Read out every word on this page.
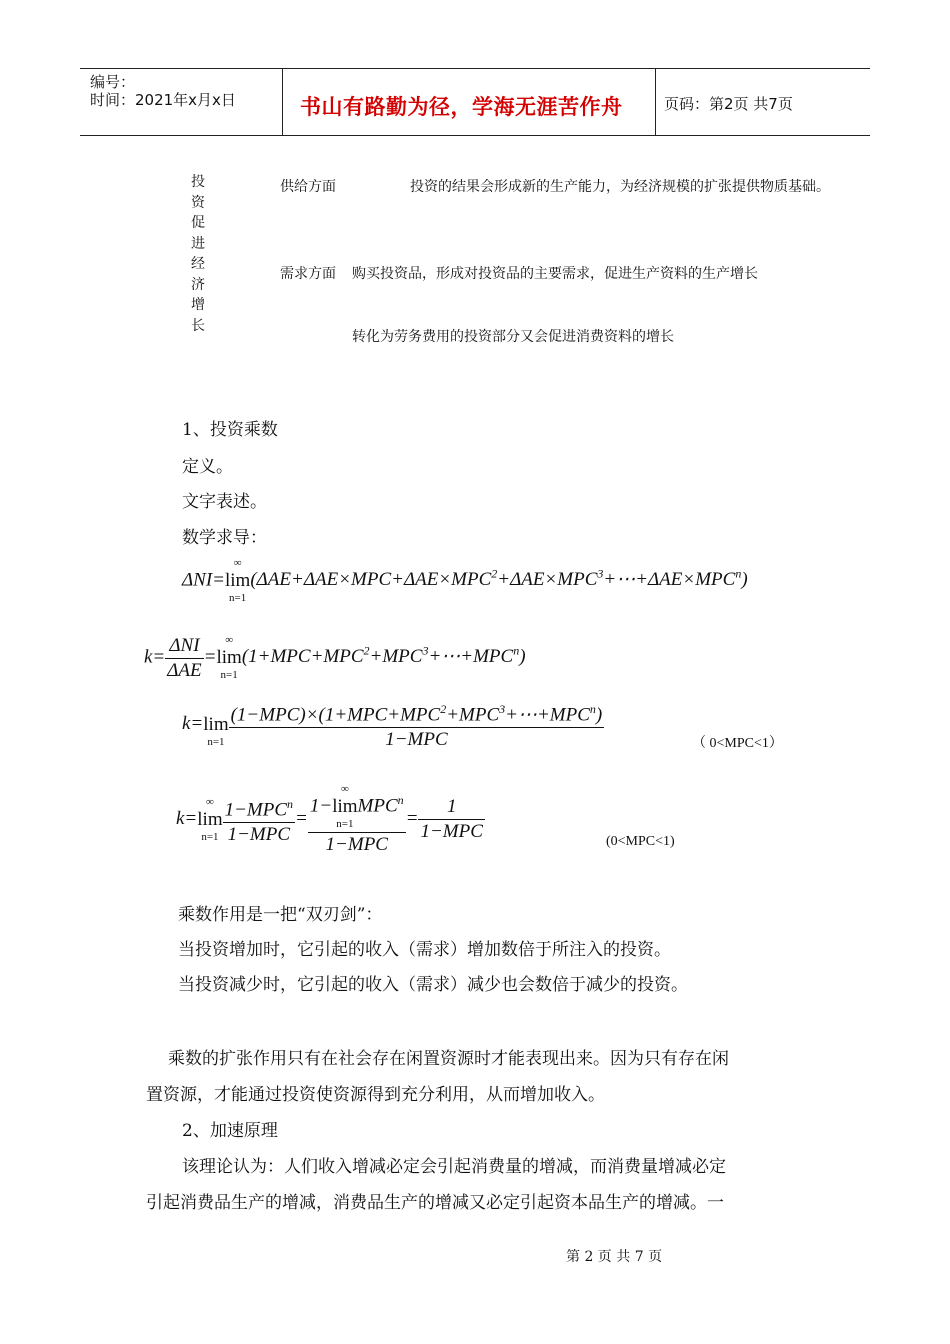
编号：
时间：2021年x月x日	书山有路勤为径，学海无涯苦作舟	页码：第2页 共7页
投资促进经济增长
供给方面	投资的结果会形成新的生产能力，为经济规模的扩张提供物质基础。
需求方面 购买投资品，形成对投资品的主要需求，促进生产资料的生产增长
转化为劳务费用的投资部分又会促进消费资料的增长
1、投资乘数
定义。
文字表述。
数学求导：
ΔNI=
∞
lim
n=1
$(\Delta AE+\Delta AE\times MPC+\Delta AE\times MPC^2+\Delta AE\times MPC^3+\cdots+\Delta AE\times MPC^n)$
$k= \frac{\text{ΔNI}}{\text{ΔAE}}$ =
∞
lim
n=1
$(1+MPC+MPC^2+MPC^3+\cdots+MPC^n)$
k=
lim
$n=1 \frac{(1-MPC)\times(1+MPC+MPC^2+MPC^3+\cdots+MPC^n)}{\text{1−MPC}}$	（ 0<MPC<1）
k=
∞
lim
$n=1 \frac{1-MPC^n}{\text{1−MPC}} = 1-$
∞
lim
n=1
MPC$^n$
$1-MPC = \frac{1}{\text{1−MPC}}$	(0<MPC<1)
乘数作用是一把“双刃剑”：
当投资增加时，它引起的收入（需求）增加数倍于所注入的投资。
当投资减少时，它引起的收入（需求）减少也会数倍于减少的投资。
乘数的扩张作用只有在社会存在闲置资源时才能表现出来。因为只有存在闲
置资源，才能通过投资使资源得到充分利用，从而增加收入。
2、加速原理
该理论认为：人们收入增减必定会引起消费量的增减，而消费量增减必定
引起消费品生产的增减，消费品生产的增减又必定引起资本品生产的增减。一
第 2 页 共 7 页
